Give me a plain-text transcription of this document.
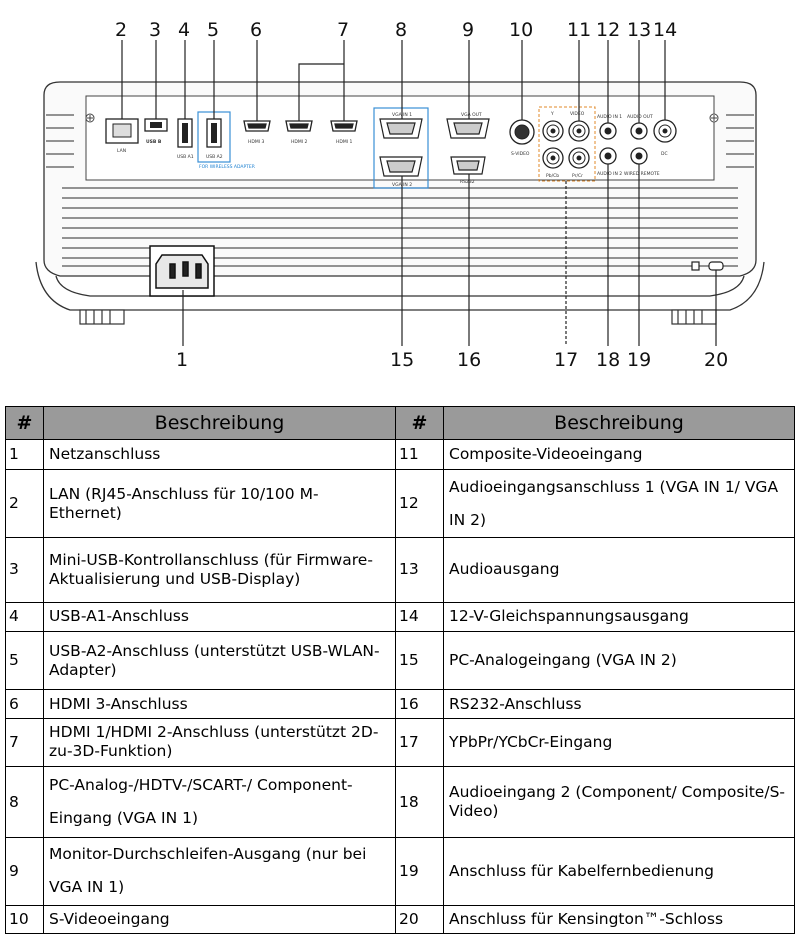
LAN
USB B
USB A1	USB A2
FOR WIRELESS ADAPTER
HDMI 3	HDMI 2	HDMI 1
VGA IN 1
VGA IN 2
VGA OUT
RS232
S-VIDEO
Y	VIDEO
Pb/Cb	Pr/Cr
AUDIO IN 1 AUDIO OUT
AUDIO IN 2 WIRED REMOTE
DC
2 3 4 5 6	7 8	9 10 11 12 13 14
1	15 16	17 18 19	20
#	Beschreibung	#	Beschreibung
1	Netzanschluss	11	Composite-Videoeingang
2	LAN (RJ45-Anschluss für 10/100 M-Ethernet)	12	Audioeingangsanschluss 1 (VGA IN 1/ VGA IN 2)
3	Mini-USB-Kontrollanschluss (für Firmware-Aktualisierung und USB-Display)	13	Audioausgang
4	USB-A1-Anschluss	14	12-V-Gleichspannungsausgang
5	USB-A2-Anschluss (unterstützt USB-WLAN-Adapter)	15	PC-Analogeingang (VGA IN 2)
6	HDMI 3-Anschluss	16	RS232-Anschluss
7	HDMI 1/HDMI 2-Anschluss (unterstützt 2D-zu-3D-Funktion)	17	YPbPr/YCbCr-Eingang
8	PC-Analog-/HDTV-/SCART-/ Component-Eingang (VGA IN 1)	18	Audioeingang 2 (Component/ Composite/S-Video)
9	Monitor-Durchschleifen-Ausgang (nur bei VGA IN 1)	19	Anschluss für Kabelfernbedienung
10	S-Videoeingang	20	Anschluss für Kensington™-Schloss
